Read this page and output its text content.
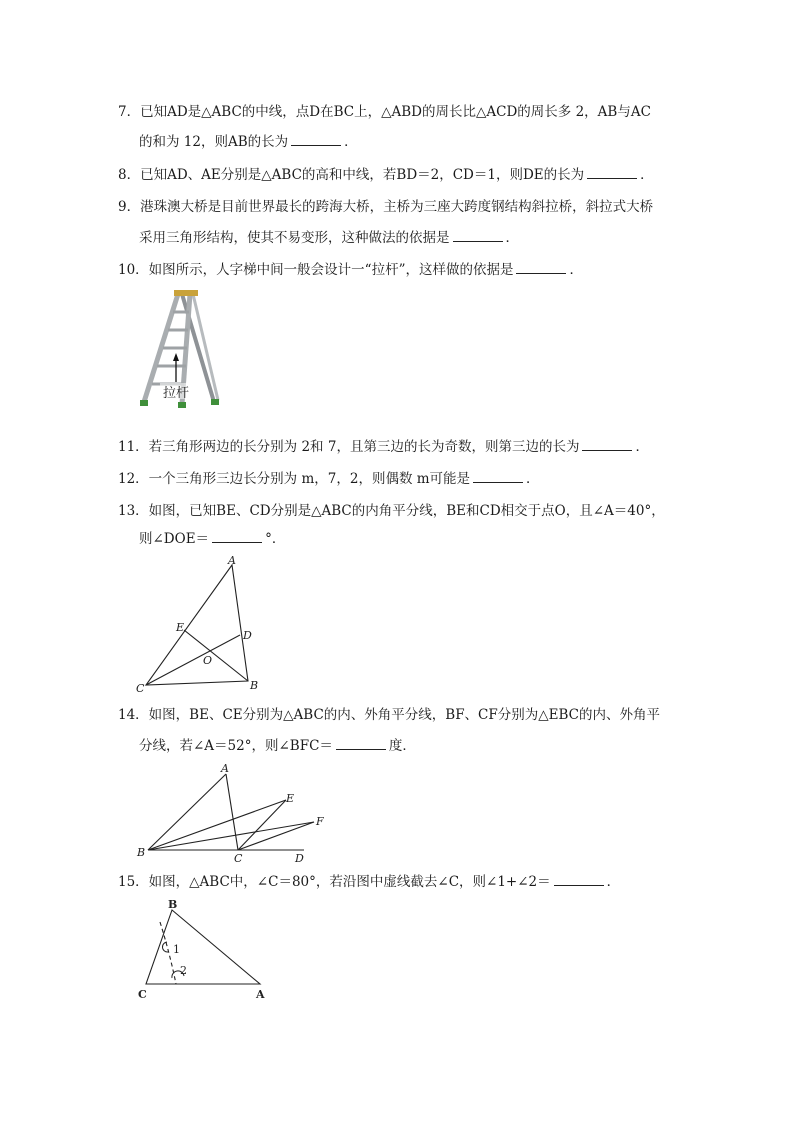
7．已知AD是△ABC的中线，点D在BC上，△ABD的周长比△ACD的周长多 2，AB与AC
的和为 12，则AB的长为	．
8．已知AD、AE分别是△ABC的高和中线，若BD＝2，CD＝1，则DE的长为	．
9．港珠澳大桥是目前世界最长的跨海大桥，主桥为三座大跨度钢结构斜拉桥，斜拉式大桥
采用三角形结构，使其不易变形，这种做法的依据是	．
10．如图所示，人字梯中间一般会设计一“拉杆”，这样做的依据是	．
拉杆
11．若三角形两边的长分别为 2和 7，且第三边的长为奇数，则第三边的长为	．
12．一个三角形三边长分别为 m，7，2，则偶数 m可能是	．
13．如图，已知BE、CD分别是△ABC的内角平分线，BE和CD相交于点O，且∠A＝40°，
则∠DOE＝	°．
A
E
D
O
C	B
14．如图，BE、CE分别为△ABC的内、外角平分线，BF、CF分别为△EBC的内、外角平
分线，若∠A＝52°，则∠BFC＝	度．
A
E
F
B	C	D
15．如图，△ABC中，∠C＝80°，若沿图中虚线截去∠C，则∠1+∠2＝	．
B
C	A
1
2
